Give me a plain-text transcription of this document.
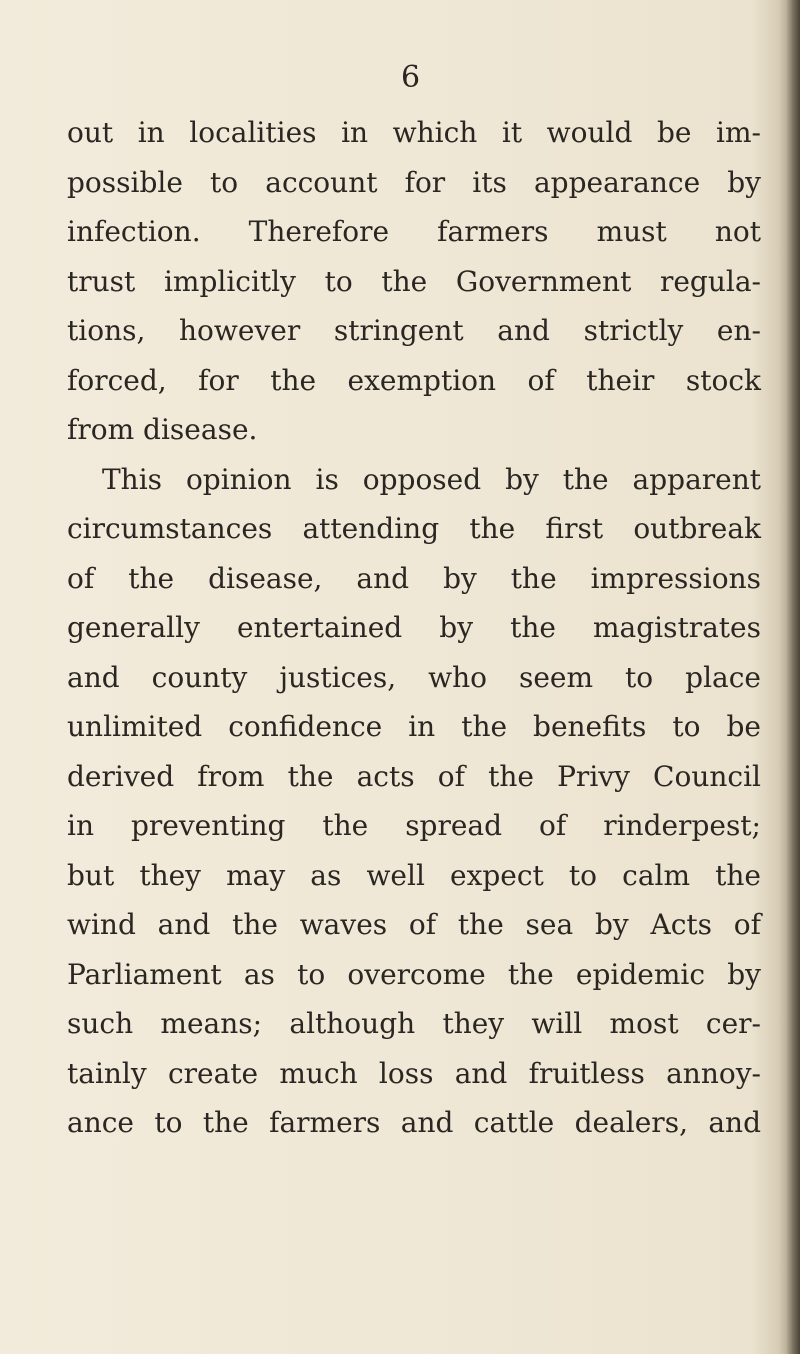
6
out in localities in which it would be im-
possible to account for its appearance by
infection. Therefore farmers must not
trust implicitly to the Government regula-
tions, however stringent and strictly en-
forced, for the exemption of their stock
from disease.
This opinion is opposed by the apparent
circumstances attending the first outbreak
of the disease, and by the impressions
generally entertained by the magistrates
and county justices, who seem to place
unlimited confidence in the benefits to be
derived from the acts of the Privy Council
in preventing the spread of rinderpest;
but they may as well expect to calm the
wind and the waves of the sea by Acts of
Parliament as to overcome the epidemic by
such means; although they will most cer-
tainly create much loss and fruitless annoy-
ance to the farmers and cattle dealers, and
